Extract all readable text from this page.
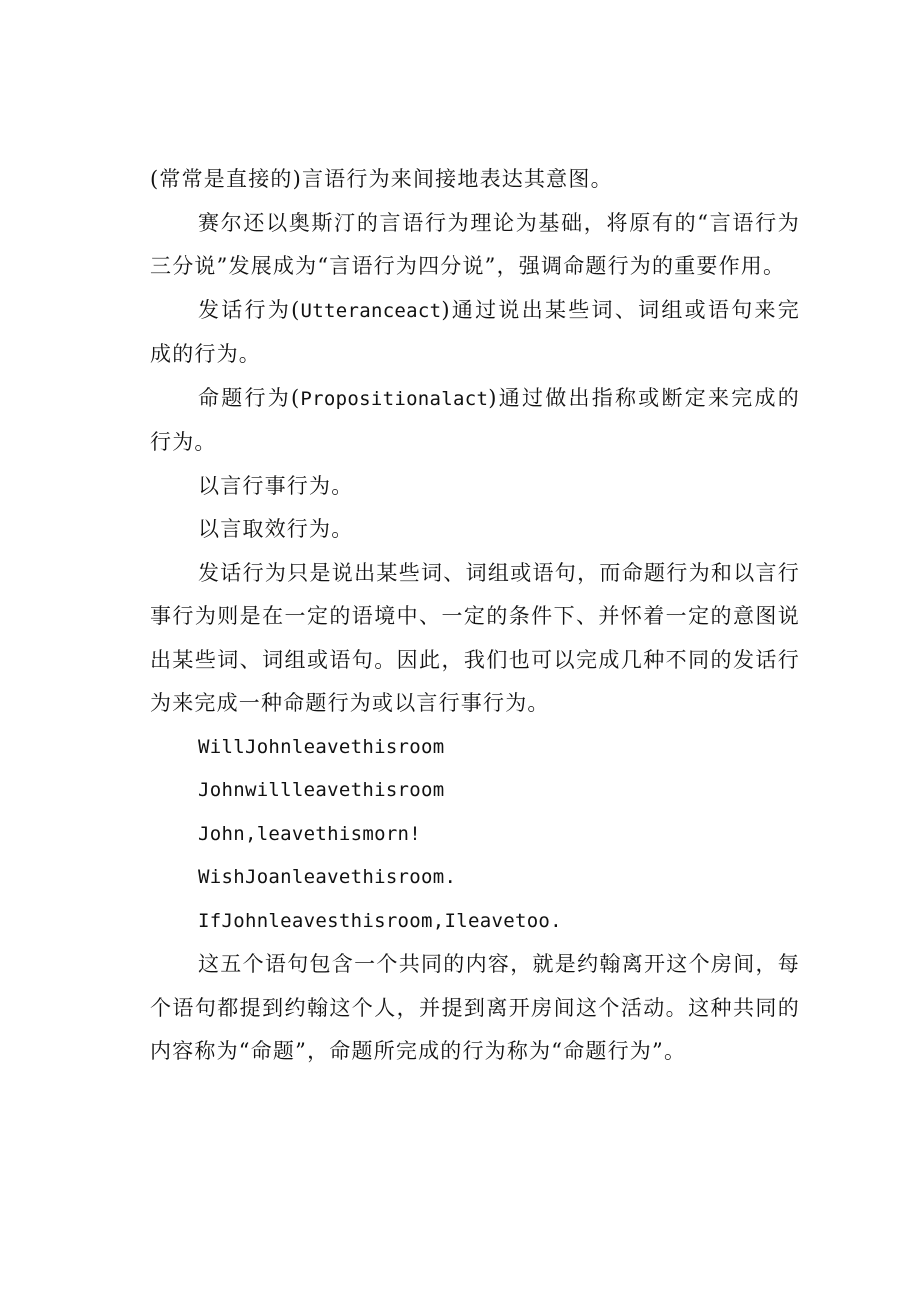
(常常是直接的)言语行为来间接地表达其意图。

赛尔还以奥斯汀的言语行为理论为基础，将原有的“言语行为三分说”发展成为“言语行为四分说”，强调命题行为的重要作用。

发话行为(Utteranceact)通过说出某些词、词组或语句来完成的行为。

命题行为(Propositionalact)通过做出指称或断定来完成的行为。

以言行事行为。

以言取效行为。

发话行为只是说出某些词、词组或语句，而命题行为和以言行事行为则是在一定的语境中、一定的条件下、并怀着一定的意图说出某些词、词组或语句。因此，我们也可以完成几种不同的发话行为来完成一种命题行为或以言行事行为。

WillJohnleavethisroom

Johnwillleavethisroom

John,leavethismorn!

WishJoanleavethisroom.

IfJohnleavesthisroom,Ileavetoo.

这五个语句包含一个共同的内容，就是约翰离开这个房间，每个语句都提到约翰这个人，并提到离开房间这个活动。这种共同的内容称为“命题”，命题所完成的行为称为“命题行为”。
